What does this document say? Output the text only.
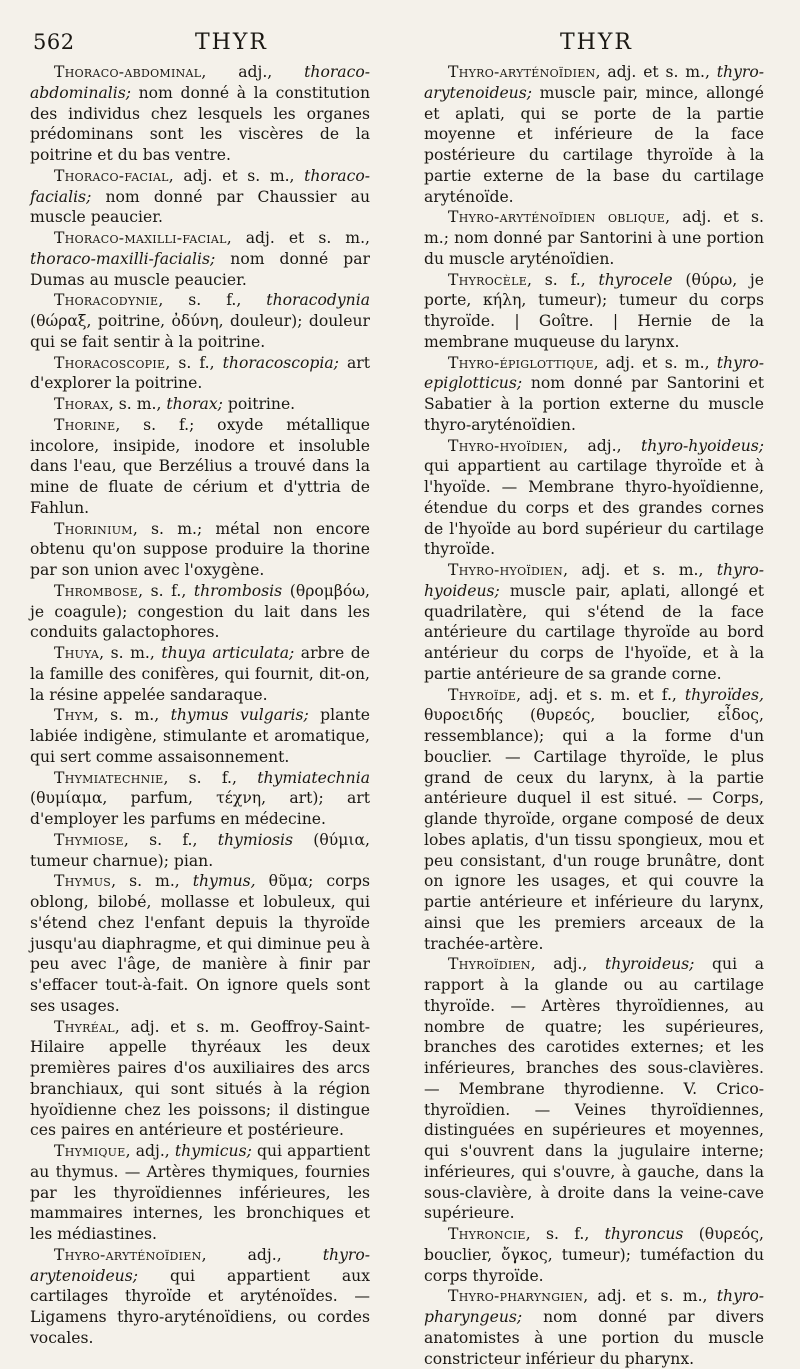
562	THYR	THYR

Thoraco-abdominal, adj., thoraco-abdominalis; nom donné à la constitution des individus chez lesquels les organes prédominans sont les viscères de la poitrine et du bas ventre.

Thoraco-facial, adj. et s. m., thoraco-facialis; nom donné par Chaussier au muscle peaucier.

Thoraco-maxilli-facial, adj. et s. m., thoraco-maxilli-facialis; nom donné par Dumas au muscle peaucier.

Thoracodynie, s. f., thoracodynia (θώραξ, poitrine, ὀδύνη, douleur); douleur qui se fait sentir à la poitrine.

Thoracoscopie, s. f., thoracoscopia; art d'explorer la poitrine.

Thorax, s. m., thorax; poitrine.

Thorine, s. f.; oxyde métallique incolore, insipide, inodore et insoluble dans l'eau, que Berzélius a trouvé dans la mine de fluate de cérium et d'yttria de Fahlun.

Thorinium, s. m.; métal non encore obtenu qu'on suppose produire la thorine par son union avec l'oxygène.

Thrombose, s. f., thrombosis (θρομβόω, je coagule); congestion du lait dans les conduits galactophores.

Thuya, s. m., thuya articulata; arbre de la famille des conifères, qui fournit, dit-on, la résine appelée sandaraque.

Thym, s. m., thymus vulgaris; plante labiée indigène, stimulante et aromatique, qui sert comme assaisonnement.

Thymiatechnie, s. f., thymiatechnia (θυμίαμα, parfum, τέχνη, art); art d'employer les parfums en médecine.

Thymiose, s. f., thymiosis (θύμια, tumeur charnue); pian.

Thymus, s. m., thymus, θῦμα; corps oblong, bilobé, mollasse et lobuleux, qui s'étend chez l'enfant depuis la thyroïde jusqu'au diaphragme, et qui diminue peu à peu avec l'âge, de manière à finir par s'effacer tout-à-fait. On ignore quels sont ses usages.

Thyréal, adj. et s. m. Geoffroy-Saint-Hilaire appelle thyréaux les deux premières paires d'os auxiliaires des arcs branchiaux, qui sont situés à la région hyoïdienne chez les poissons; il distingue ces paires en antérieure et postérieure.

Thymique, adj., thymicus; qui appartient au thymus. — Artères thymiques, fournies par les thyroïdiennes inférieures, les mammaires internes, les bronchiques et les médiastines.

Thyro-aryténoïdien, adj., thyro-arytenoideus; qui appartient aux cartilages thyroïde et aryténoïdes. — Ligamens thyro-aryténoïdiens, ou cordes vocales.

Thyro-aryténoïdien, adj. et s. m., thyro-arytenoideus; muscle pair, mince, allongé et aplati, qui se porte de la partie moyenne et inférieure de la face postérieure du cartilage thyroïde à la partie externe de la base du cartilage aryténoïde.

Thyro-aryténoïdien oblique, adj. et s. m.; nom donné par Santorini à une portion du muscle aryténoïdien.

Thyrocèle, s. f., thyrocele (θύρω, je porte, κήλη, tumeur); tumeur du corps thyroïde. | Goître. | Hernie de la membrane muqueuse du larynx.

Thyro-épiglottique, adj. et s. m., thyro-epiglotticus; nom donné par Santorini et Sabatier à la portion externe du muscle thyro-aryténoïdien.

Thyro-hyoïdien, adj., thyro-hyoideus; qui appartient au cartilage thyroïde et à l'hyoïde. — Membrane thyro-hyoïdienne, étendue du corps et des grandes cornes de l'hyoïde au bord supérieur du cartilage thyroïde.

Thyro-hyoïdien, adj. et s. m., thyro-hyoideus; muscle pair, aplati, allongé et quadrilatère, qui s'étend de la face antérieure du cartilage thyroïde au bord antérieur du corps de l'hyoïde, et à la partie antérieure de sa grande corne.

Thyroïde, adj. et s. m. et f., thyroïdes, θυροειδής (θυρεός, bouclier, εἶδος, ressemblance); qui a la forme d'un bouclier. — Cartilage thyroïde, le plus grand de ceux du larynx, à la partie antérieure duquel il est situé. — Corps, glande thyroïde, organe composé de deux lobes aplatis, d'un tissu spongieux, mou et peu consistant, d'un rouge brunâtre, dont on ignore les usages, et qui couvre la partie antérieure et inférieure du larynx, ainsi que les premiers arceaux de la trachée-artère.

Thyroïdien, adj., thyroideus; qui a rapport à la glande ou au cartilage thyroïde. — Artères thyroïdiennes, au nombre de quatre; les supérieures, branches des carotides externes; et les inférieures, branches des sous-clavières. — Membrane thyrodienne. V. Crico-thyroïdien. — Veines thyroïdiennes, distinguées en supérieures et moyennes, qui s'ouvrent dans la jugulaire interne; inférieures, qui s'ouvre, à gauche, dans la sous-clavière, à droite dans la veine-cave supérieure.

Thyroncie, s. f., thyroncus (θυρεός, bouclier, ὄγκος, tumeur); tuméfaction du corps thyroïde.

Thyro-pharyngien, adj. et s. m., thyro-pharyngeus; nom donné par divers anatomistes à une portion du muscle constricteur inférieur du pharynx.
